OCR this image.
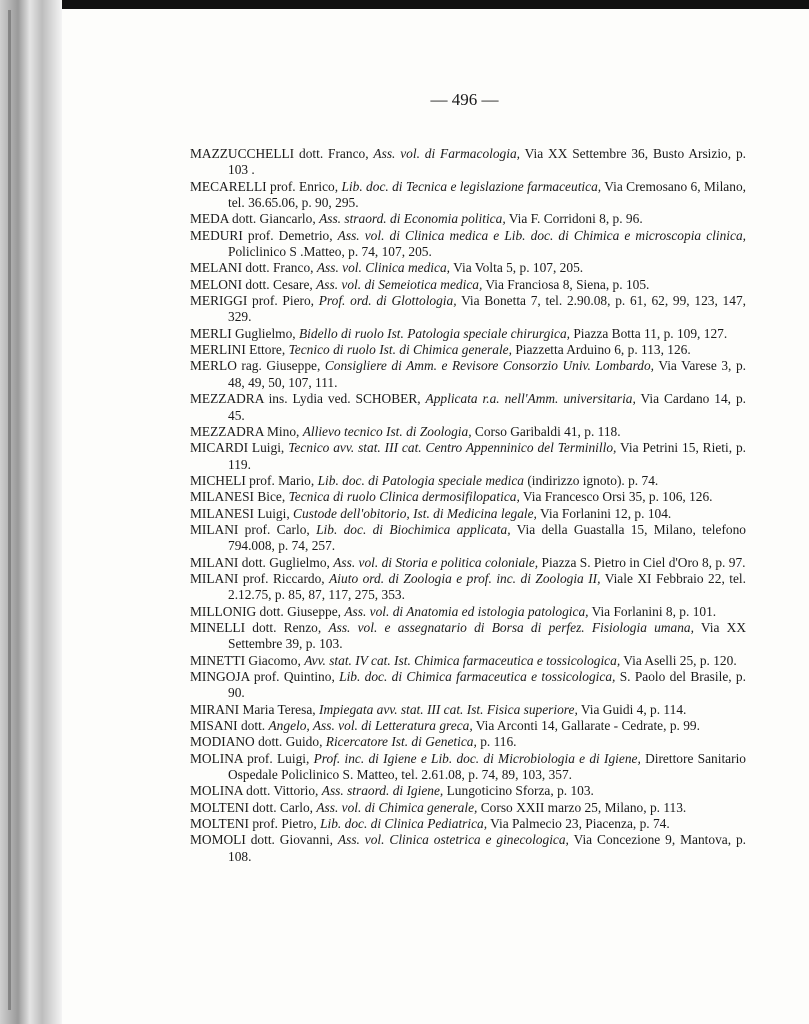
— 496 —

MAZZUCCHELLI dott. Franco, Ass. vol. di Farmacologia, Via XX Settembre 36, Busto Arsizio, p. 103 .

MECARELLI prof. Enrico, Lib. doc. di Tecnica e legislazione farmaceutica, Via Cremosano 6, Milano, tel. 36.65.06, p. 90, 295.

MEDA dott. Giancarlo, Ass. straord. di Economia politica, Via F. Corridoni 8, p. 96.

MEDURI prof. Demetrio, Ass. vol. di Clinica medica e Lib. doc. di Chimica e microscopia clinica, Policlinico S .Matteo, p. 74, 107, 205.

MELANI dott. Franco, Ass. vol. Clinica medica, Via Volta 5, p. 107, 205.

MELONI dott. Cesare, Ass. vol. di Semeiotica medica, Via Franciosa 8, Siena, p. 105.

MERIGGI prof. Piero, Prof. ord. di Glottologia, Via Bonetta 7, tel. 2.90.08, p. 61, 62, 99, 123, 147, 329.

MERLI Guglielmo, Bidello di ruolo Ist. Patologia speciale chirurgica, Piazza Botta 11, p. 109, 127.

MERLINI Ettore, Tecnico di ruolo Ist. di Chimica generale, Piazzetta Arduino 6, p. 113, 126.

MERLO rag. Giuseppe, Consigliere di Amm. e Revisore Consorzio Univ. Lombardo, Via Varese 3, p. 48, 49, 50, 107, 111.

MEZZADRA ins. Lydia ved. SCHOBER, Applicata r.a. nell'Amm. universitaria, Via Cardano 14, p. 45.

MEZZADRA Mino, Allievo tecnico Ist. di Zoologia, Corso Garibaldi 41, p. 118.

MICARDI Luigi, Tecnico avv. stat. III cat. Centro Appenninico del Terminillo, Via Petrini 15, Rieti, p. 119.

MICHELI prof. Mario, Lib. doc. di Patologia speciale medica (indirizzo ignoto). p. 74.

MILANESI Bice, Tecnica di ruolo Clinica dermosifilopatica, Via Francesco Orsi 35, p. 106, 126.

MILANESI Luigi, Custode dell'obitorio, Ist. di Medicina legale, Via Forlanini 12, p. 104.

MILANI prof. Carlo, Lib. doc. di Biochimica applicata, Via della Guastalla 15, Milano, telefono 794.008, p. 74, 257.

MILANI dott. Guglielmo, Ass. vol. di Storia e politica coloniale, Piazza S. Pietro in Ciel d'Oro 8, p. 97.

MILANI prof. Riccardo, Aiuto ord. di Zoologia e prof. inc. di Zoologia II, Viale XI Febbraio 22, tel. 2.12.75, p. 85, 87, 117, 275, 353.

MILLONIG dott. Giuseppe, Ass. vol. di Anatomia ed istologia patologica, Via Forlanini 8, p. 101.

MINELLI dott. Renzo, Ass. vol. e assegnatario di Borsa di perfez. Fisiologia umana, Via XX Settembre 39, p. 103.

MINETTI Giacomo, Avv. stat. IV cat. Ist. Chimica farmaceutica e tossicologica, Via Aselli 25, p. 120.

MINGOJA prof. Quintino, Lib. doc. di Chimica farmaceutica e tossicologica, S. Paolo del Brasile, p. 90.

MIRANI Maria Teresa, Impiegata avv. stat. III cat. Ist. Fisica superiore, Via Guidi 4, p. 114.

MISANI dott. Angelo, Ass. vol. di Letteratura greca, Via Arconti 14, Gallarate - Cedrate, p. 99.

MODIANO dott. Guido, Ricercatore Ist. di Genetica, p. 116.

MOLINA prof. Luigi, Prof. inc. di Igiene e Lib. doc. di Microbiologia e di Igiene, Direttore Sanitario Ospedale Policlinico S. Matteo, tel. 2.61.08, p. 74, 89, 103, 357.

MOLINA dott. Vittorio, Ass. straord. di Igiene, Lungoticino Sforza, p. 103.

MOLTENI dott. Carlo, Ass. vol. di Chimica generale, Corso XXII marzo 25, Milano, p. 113.

MOLTENI prof. Pietro, Lib. doc. di Clinica Pediatrica, Via Palmecio 23, Piacenza, p. 74.

MOMOLI dott. Giovanni, Ass. vol. Clinica ostetrica e ginecologica, Via Concezione 9, Mantova, p. 108.
